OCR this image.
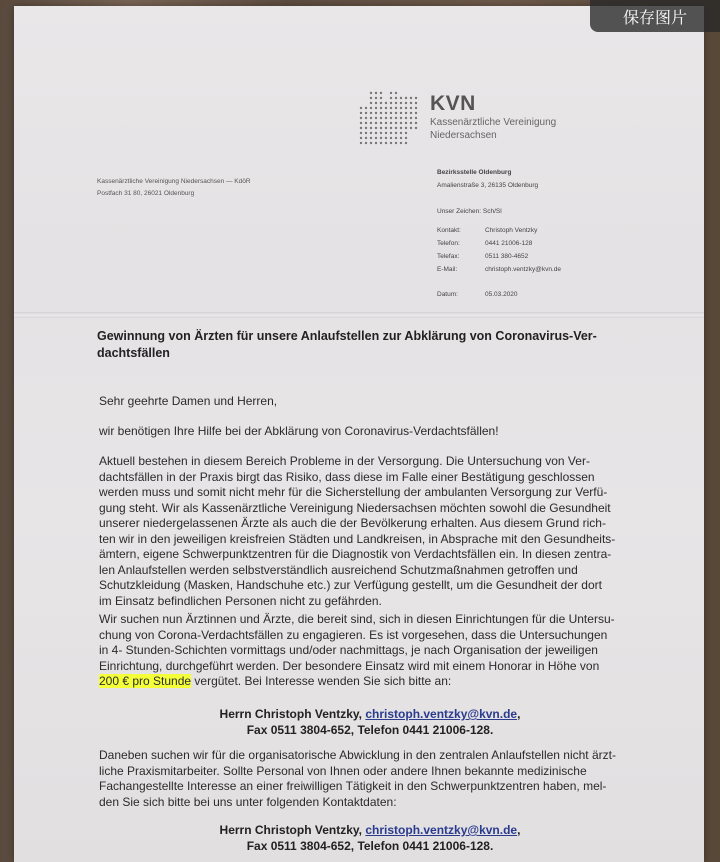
保存图片
KVN
Kassenärztliche Vereinigung
Niedersachsen
Kassenärztliche Vereinigung Niedersachsen — KdöR
Postfach 31 80, 26021 Oldenburg
Bezirksstelle Oldenburg
Amalienstraße 3, 26135 Oldenburg
Unser Zeichen:
Sch/Sl
Kontakt:	Christoph Ventzky
Telefon:	0441 21006-128
Telefax:	0511 380-4652
E-Mail:	christoph.ventzky@kvn.de
Datum:	05.03.2020
Gewinnung von Ärzten für unsere Anlaufstellen zur Abklärung von Coronavirus-Ver-
dachtsfällen
Sehr geehrte Damen und Herren,
wir benötigen Ihre Hilfe bei der Abklärung von Coronavirus-Verdachtsfällen!
Aktuell bestehen in diesem Bereich Probleme in der Versorgung. Die Untersuchung von Ver-
dachtsfällen in der Praxis birgt das Risiko, dass diese im Falle einer Bestätigung geschlossen
werden muss und somit nicht mehr für die Sicherstellung der ambulanten Versorgung zur Verfü-
gung steht. Wir als Kassenärztliche Vereinigung Niedersachsen möchten sowohl die Gesundheit
unserer niedergelassenen Ärzte als auch die der Bevölkerung erhalten. Aus diesem Grund rich-
ten wir in den jeweiligen kreisfreien Städten und Landkreisen, in Absprache mit den Gesundheits-
ämtern, eigene Schwerpunktzentren für die Diagnostik von Verdachtsfällen ein. In diesen zentra-
len Anlaufstellen werden selbstverständlich ausreichend Schutzmaßnahmen getroffen und
Schutzkleidung (Masken, Handschuhe etc.) zur Verfügung gestellt, um die Gesundheit der dort
im Einsatz befindlichen Personen nicht zu gefährden.
Wir suchen nun Ärztinnen und Ärzte, die bereit sind, sich in diesen Einrichtungen für die Untersu-
chung von Corona-Verdachtsfällen zu engagieren. Es ist vorgesehen, dass die Untersuchungen
in 4- Stunden-Schichten vormittags und/oder nachmittags, je nach Organisation der jeweiligen
Einrichtung, durchgeführt werden. Der besondere Einsatz wird mit einem Honorar in Höhe von
200 € pro Stunde vergütet. Bei Interesse wenden Sie sich bitte an:
Herrn Christoph Ventzky, christoph.ventzky@kvn.de,
Fax 0511 3804-652, Telefon 0441 21006-128.
Daneben suchen wir für die organisatorische Abwicklung in den zentralen Anlaufstellen nicht ärzt-
liche Praxismitarbeiter. Sollte Personal von Ihnen oder andere Ihnen bekannte medizinische
Fachangestellte Interesse an einer freiwilligen Tätigkeit in den Schwerpunktzentren haben, mel-
den Sie sich bitte bei uns unter folgenden Kontaktdaten:
Herrn Christoph Ventzky, christoph.ventzky@kvn.de,
Fax 0511 3804-652, Telefon 0441 21006-128.
